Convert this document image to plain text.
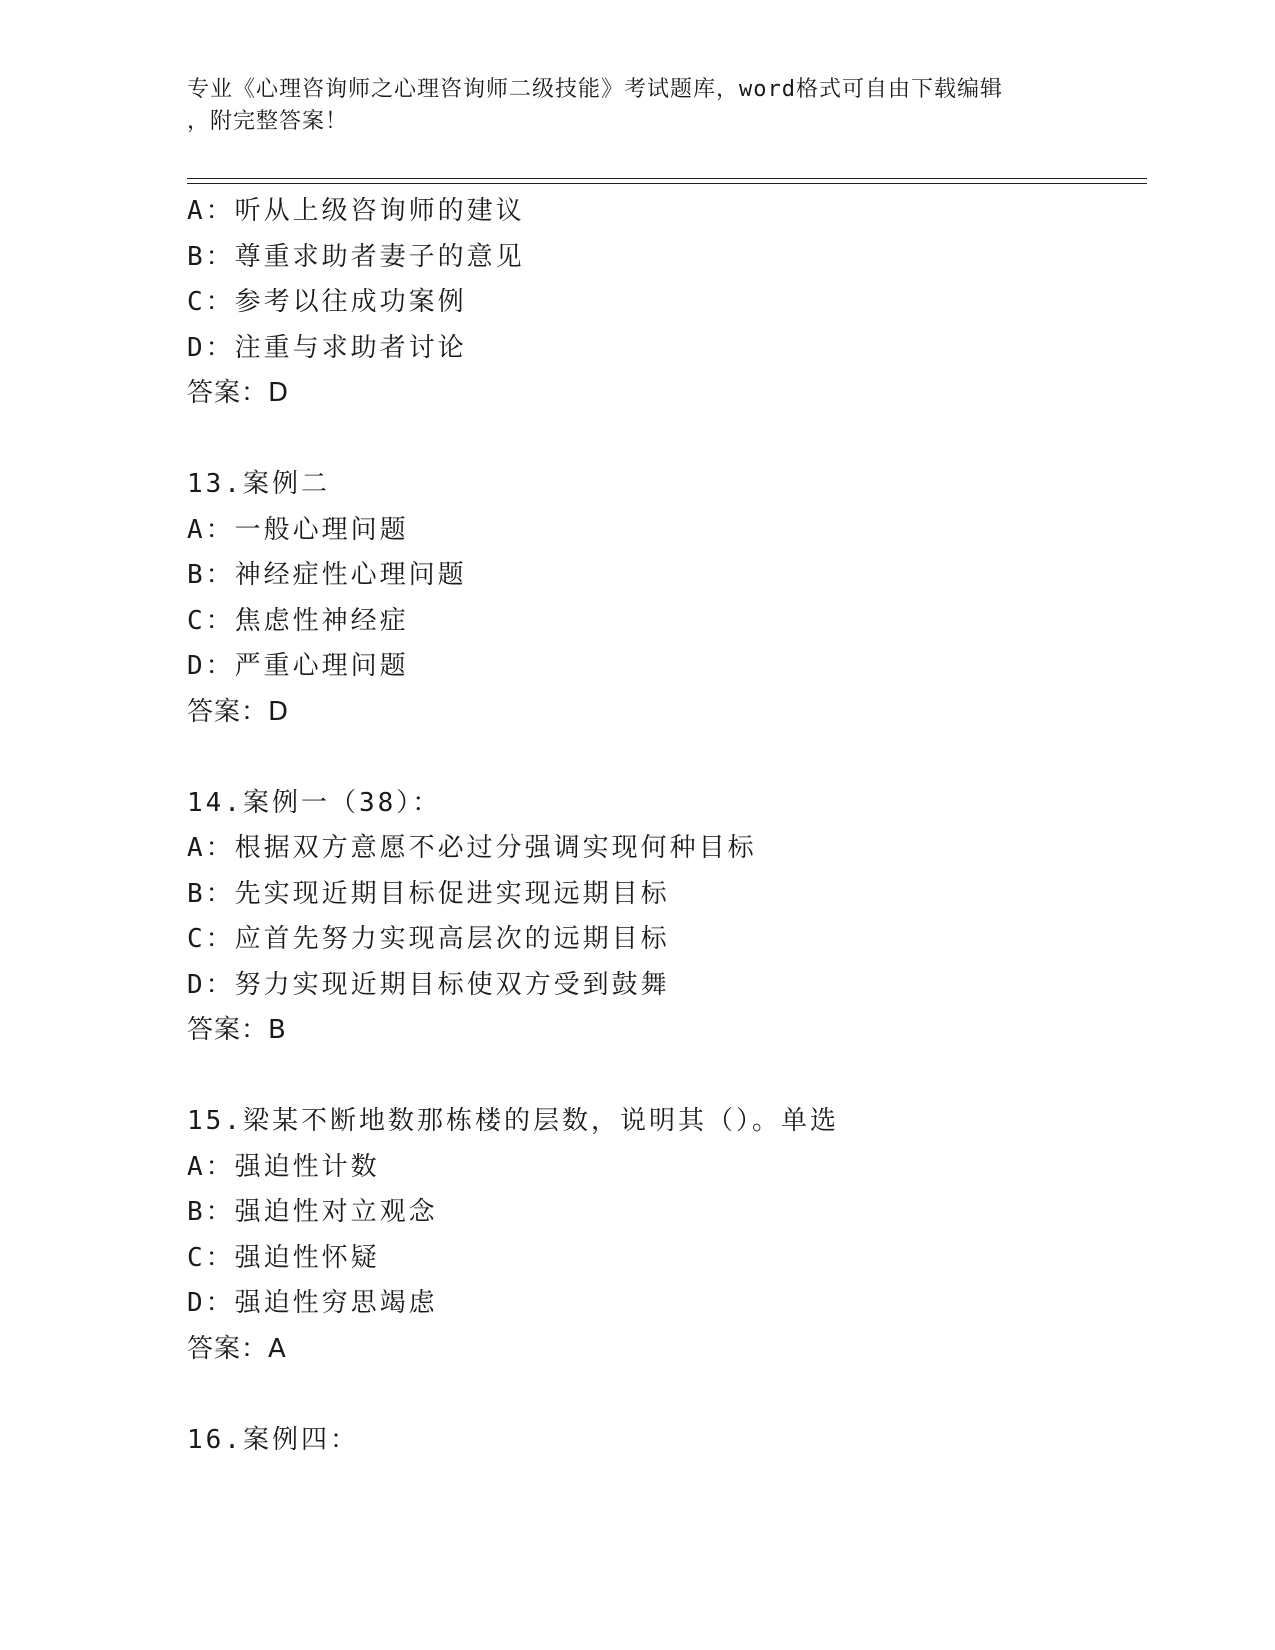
专业《心理咨询师之心理咨询师二级技能》考试题库，word格式可自由下载编辑
，附完整答案！
A：听从上级咨询师的建议
B：尊重求助者妻子的意见
C：参考以往成功案例
D：注重与求助者讨论
答案：D
13.案例二
A：一般心理问题
B：神经症性心理问题
C：焦虑性神经症
D：严重心理问题
答案：D
14.案例一（38）：
A：根据双方意愿不必过分强调实现何种目标
B：先实现近期目标促进实现远期目标
C：应首先努力实现高层次的远期目标
D：努力实现近期目标使双方受到鼓舞
答案：B
15.梁某不断地数那栋楼的层数，说明其（）。单选
A：强迫性计数
B：强迫性对立观念
C：强迫性怀疑
D：强迫性穷思竭虑
答案：A
16.案例四：
